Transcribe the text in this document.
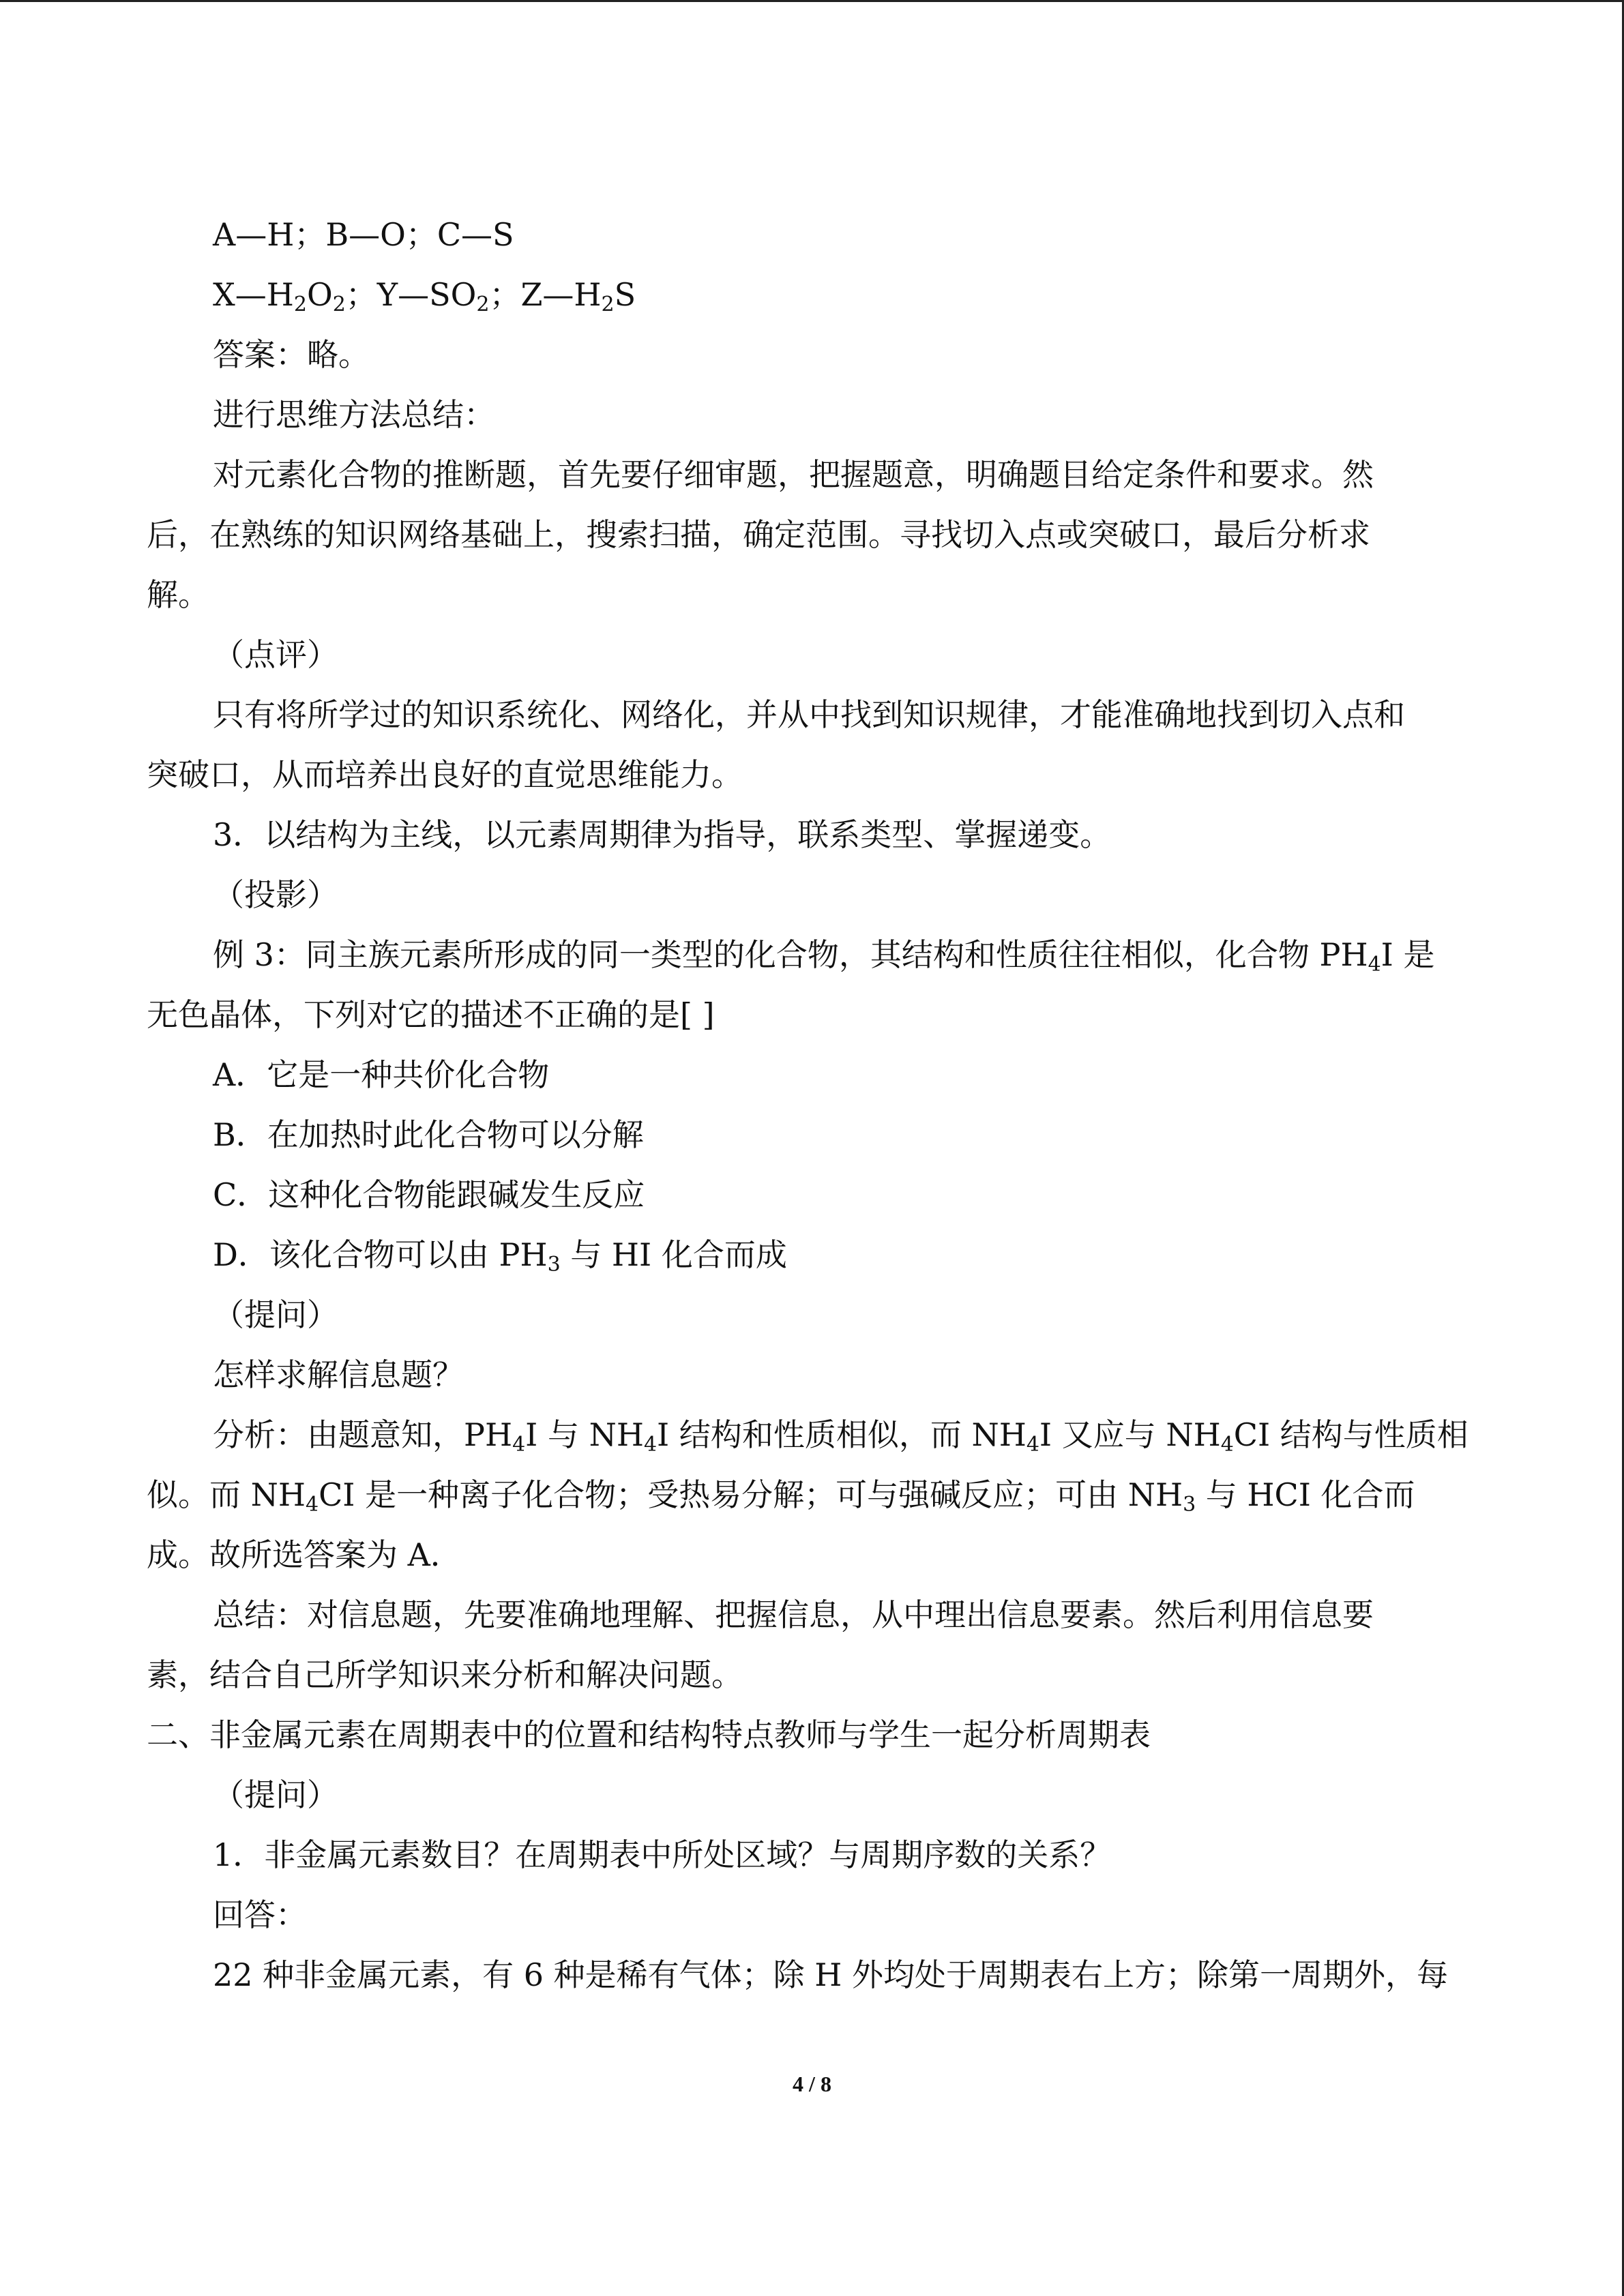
A—H；B—O；C—S
$X—H_2O_2$；$Y—SO_2$；$Z—H_2S$
答案：略。
进行思维方法总结：
对元素化合物的推断题，首先要仔细审题，把握题意，明确题目给定条件和要求。然
后，在熟练的知识网络基础上，搜索扫描，确定范围。寻找切入点或突破口，最后分析求
解。
（点评）
只有将所学过的知识系统化、网络化，并从中找到知识规律，才能准确地找到切入点和
突破口，从而培养出良好的直觉思维能力。
3．以结构为主线，以元素周期律为指导，联系类型、掌握递变。
（投影）
例 3：同主族元素所形成的同一类型的化合物，其结构和性质往往相似，化合物 $PH_4I$ 是
无色晶体，下列对它的描述不正确的是[ ]
A．它是一种共价化合物
B．在加热时此化合物可以分解
C．这种化合物能跟碱发生反应
D．该化合物可以由 $PH_3$ 与 HI 化合而成
（提问）
怎样求解信息题？
分析：由题意知，$PH_4I$ 与 $NH_4I$ 结构和性质相似，而 $NH_4I$ 又应与 $NH_4CI$ 结构与性质相
似。而 $NH_4CI$ 是一种离子化合物；受热易分解；可与强碱反应；可由 $NH_3$ 与 HCI 化合而
成。故所选答案为 A．
总结：对信息题，先要准确地理解、把握信息，从中理出信息要素。然后利用信息要
素，结合自己所学知识来分析和解决问题。
二、非金属元素在周期表中的位置和结构特点教师与学生一起分析周期表
（提问）
1．非金属元素数目？在周期表中所处区域？与周期序数的关系？
回答：
22 种非金属元素，有 6 种是稀有气体；除 H 外均处于周期表右上方；除第一周期外，每
4 / 8
